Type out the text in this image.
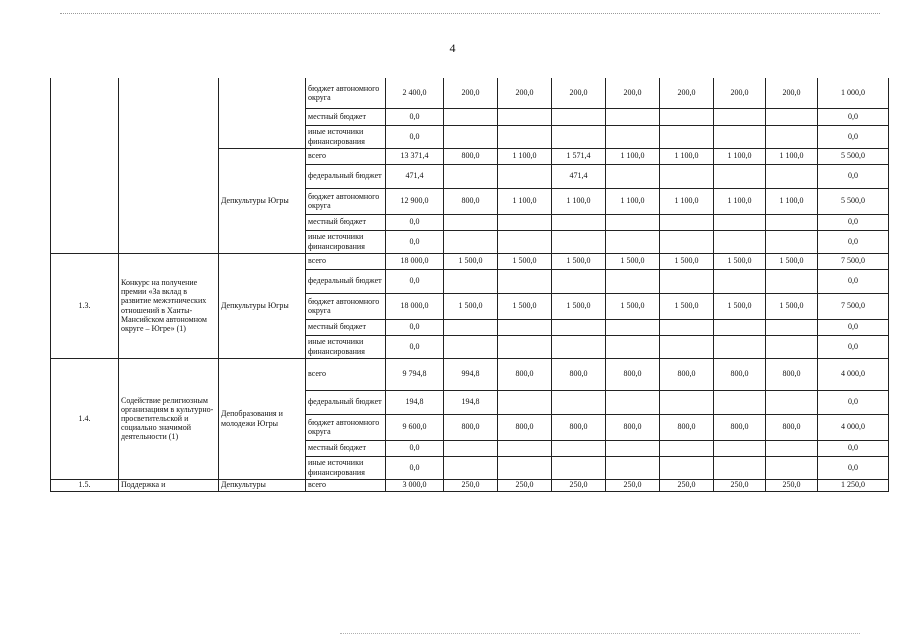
4
			бюджет автономного округа	2 400,0	200,0	200,0	200,0	200,0	200,0	200,0	200,0	1 000,0
			местный бюджет	0,0								0,0
			иные источники финансирования	0,0								0,0
		Депкультуры Югры	всего	13 371,4	800,0	1 100,0	1 571,4	1 100,0	1 100,0	1 100,0	1 100,0	5 500,0
			федеральный бюджет	471,4			471,4					0,0
			бюджет автономного округа	12 900,0	800,0	1 100,0	1 100,0	1 100,0	1 100,0	1 100,0	1 100,0	5 500,0
			местный бюджет	0,0								0,0
			иные источники финансирования	0,0								0,0
1.3.	Конкурс на получение премии «За вклад в развитие межэтнических отношений в Ханты-Мансийском автономном округе – Югре» (1)	Депкультуры Югры	всего	18 000,0	1 500,0	1 500,0	1 500,0	1 500,0	1 500,0	1 500,0	1 500,0	7 500,0
			федеральный бюджет	0,0								0,0
			бюджет автономного округа	18 000,0	1 500,0	1 500,0	1 500,0	1 500,0	1 500,0	1 500,0	1 500,0	7 500,0
			местный бюджет	0,0								0,0
			иные источники финансирования	0,0								0,0
1.4.	Содействие религиозным организациям в культурно-просветительской и социально значимой деятельности (1)	Депобразования и молодежи Югры	всего	9 794,8	994,8	800,0	800,0	800,0	800,0	800,0	800,0	4 000,0
			федеральный бюджет	194,8	194,8							0,0
			бюджет автономного округа	9 600,0	800,0	800,0	800,0	800,0	800,0	800,0	800,0	4 000,0
			местный бюджет	0,0								0,0
			иные источники финансирования	0,0								0,0
1.5.	Поддержка и	Депкультуры	всего	3 000,0	250,0	250,0	250,0	250,0	250,0	250,0	250,0	1 250,0
